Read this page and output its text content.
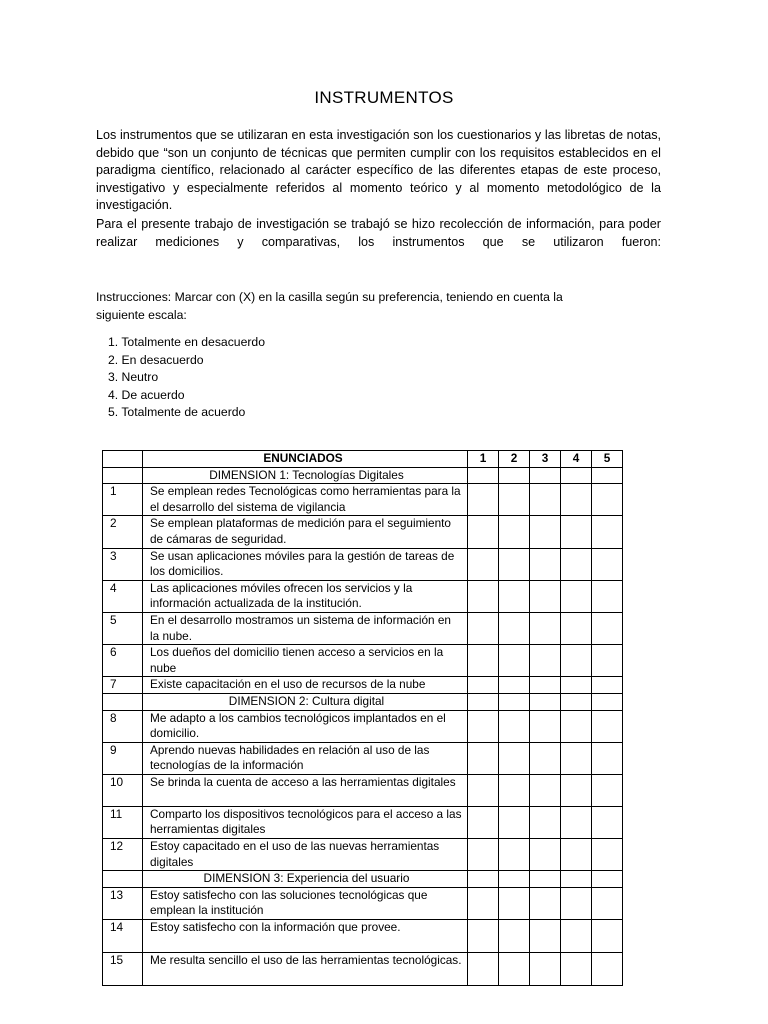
INSTRUMENTOS
Los instrumentos que se utilizaran en esta investigación son los cuestionarios y las libretas de notas, debido que “son un conjunto de técnicas que permiten cumplir con los requisitos establecidos en el paradigma científico, relacionado al carácter específico de las diferentes etapas de este proceso, investigativo y especialmente referidos al momento teórico y al momento metodológico de la investigación.
Para el presente trabajo de investigación se trabajó se hizo recolección de información, para poder realizar mediciones y comparativas, los instrumentos que se utilizaron fueron:
Instrucciones: Marcar con (X) en la casilla según su preferencia, teniendo en cuenta la siguiente escala:
1. Totalmente en desacuerdo
2. En desacuerdo
3. Neutro
4. De acuerdo
5. Totalmente de acuerdo
	ENUNCIADOS	1	2	3	4	5
	DIMENSION 1: Tecnologías Digitales					
1	Se emplean redes Tecnológicas como herramientas para la el desarrollo del sistema de vigilancia					
2	Se emplean plataformas de medición para el seguimiento de cámaras de seguridad.					
3	Se usan aplicaciones móviles para la gestión de tareas de los domicilios.					
4	Las aplicaciones móviles ofrecen los servicios y la información actualizada de la institución.					
5	En el desarrollo mostramos un sistema de información en la nube.					
6	Los dueños del domicilio tienen acceso a servicios en la nube					
7	Existe capacitación en el uso de recursos de la nube					
	DIMENSION 2: Cultura digital					
8	Me adapto a los cambios tecnológicos implantados en el domicilio.					
9	Aprendo nuevas habilidades en relación al uso de las tecnologías de la información					
10	Se brinda la cuenta de acceso a las herramientas digitales					
11	Comparto los dispositivos tecnológicos para el acceso a las herramientas digitales					
12	Estoy capacitado en el uso de las nuevas herramientas digitales					
	DIMENSION 3: Experiencia del usuario					
13	Estoy satisfecho con las soluciones tecnológicas que emplean la institución					
14	Estoy satisfecho con la información que provee.					
15	Me resulta sencillo el uso de las herramientas tecnológicas.					
